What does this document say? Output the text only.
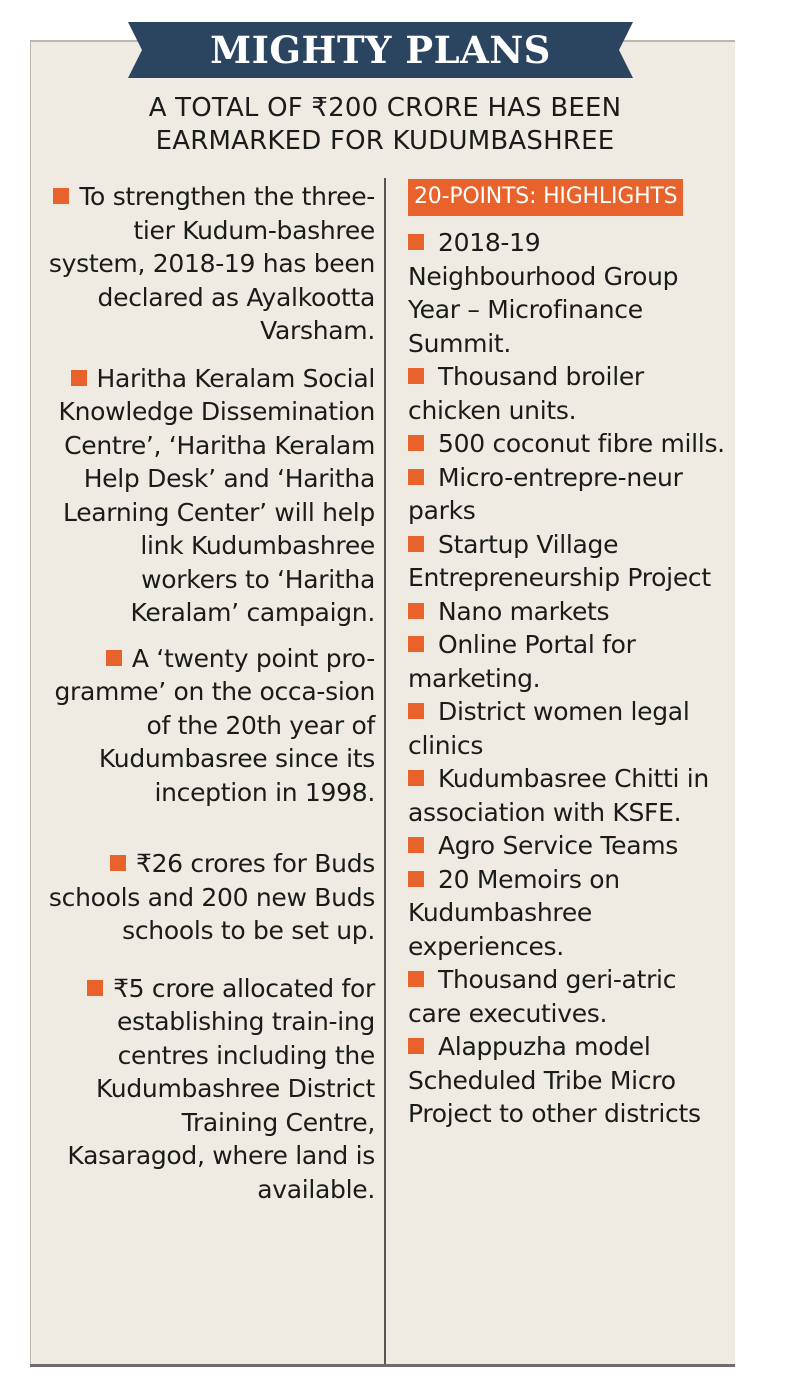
MIGHTY PLANS
A TOTAL OF ₹200 CRORE HAS BEEN
EARMARKED FOR KUDUMBASHREE

To strengthen the three-tier Kudum-bashree system, 2018-19 has been declared as Ayalkootta Varsham.

Haritha Keralam Social Knowledge Dissemination Centre’, ‘Haritha Keralam Help Desk’ and ‘Haritha Learning Center’ will help link Kudumbashree workers to ‘Haritha Keralam’ campaign.

A ‘twenty point pro-gramme’ on the occa-sion of the 20th year of Kudumbasree since its inception in 1998.

₹26 crores for Buds schools and 200 new Buds schools to be set up.

₹5 crore allocated for establishing train-ing centres including the Kudumbashree District Training Centre, Kasaragod, where land is available.

20-POINTS: HIGHLIGHTS

2018-19 Neighbourhood Group Year – Microfinance Summit.

Thousand broiler chicken units.

500 coconut fibre mills.

Micro-entrepre-neur parks

Startup Village Entrepreneurship Project

Nano markets

Online Portal for marketing.

District women legal clinics

Kudumbasree Chitti in association with KSFE.

Agro Service Teams

20 Memoirs on Kudumbashree experiences.

Thousand geri-atric care executives.

Alappuzha model Scheduled Tribe Micro Project to other districts
